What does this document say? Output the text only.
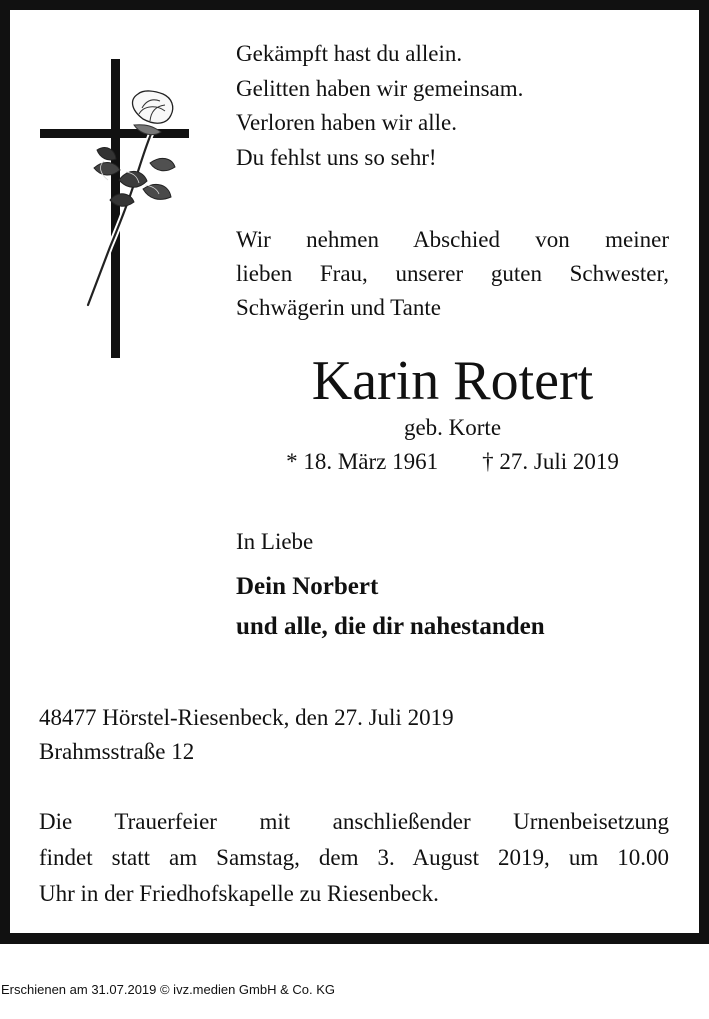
Gekämpft hast du allein.
Gelitten haben wir gemeinsam.
Verloren haben wir alle.
Du fehlst uns so sehr!
Wir nehmen Abschied von meiner
lieben Frau, unserer guten Schwester,
Schwägerin und Tante
Karin Rotert
geb. Korte
* 18. März 1961 † 27. Juli 2019
In Liebe
Dein Norbert
und alle, die dir nahestanden
48477 Hörstel-Riesenbeck, den 27. Juli 2019
Brahmsstraße 12
Die Trauerfeier mit anschließender Urnenbeisetzung
findet statt am Samstag, dem 3. August 2019, um 10.00
Uhr in der Friedhofskapelle zu Riesenbeck.
Erschienen am 31.07.2019 © ivz.medien GmbH & Co. KG
